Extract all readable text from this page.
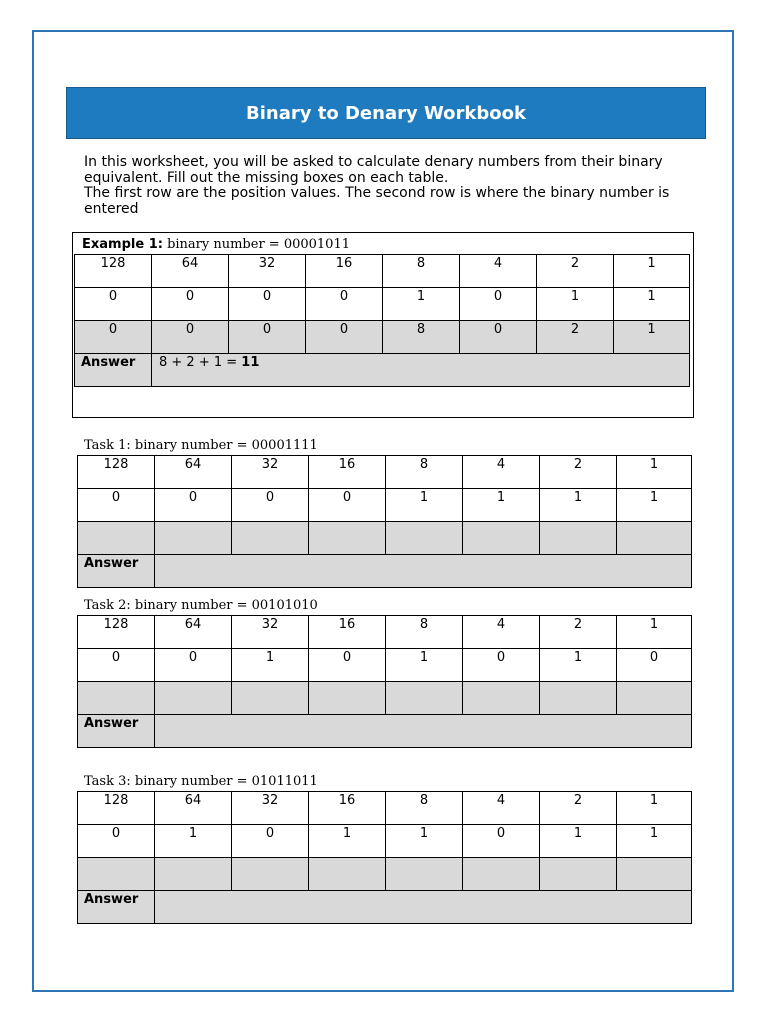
Binary to Denary Workbook

In this worksheet, you will be asked to calculate denary numbers from their binary equivalent. Fill out the missing boxes on each table.

The first row are the position values. The second row is where the binary number is entered

Example 1: binary number = 00001011
128	64	32	16	8	4	2	1
0	0	0	0	1	0	1	1
0	0	0	0	8	0	2	1
Answer	8 + 2 + 1 = 11						
Task 1: binary number = 00001111
128	64	32	16	8	4	2	1
0	0	0	0	1	1	1	1

Answer							
Task 2: binary number = 00101010
128	64	32	16	8	4	2	1
0	0	1	0	1	0	1	0

Answer							
Task 3: binary number = 01011011
128	64	32	16	8	4	2	1
0	1	0	1	1	0	1	1

Answer							
